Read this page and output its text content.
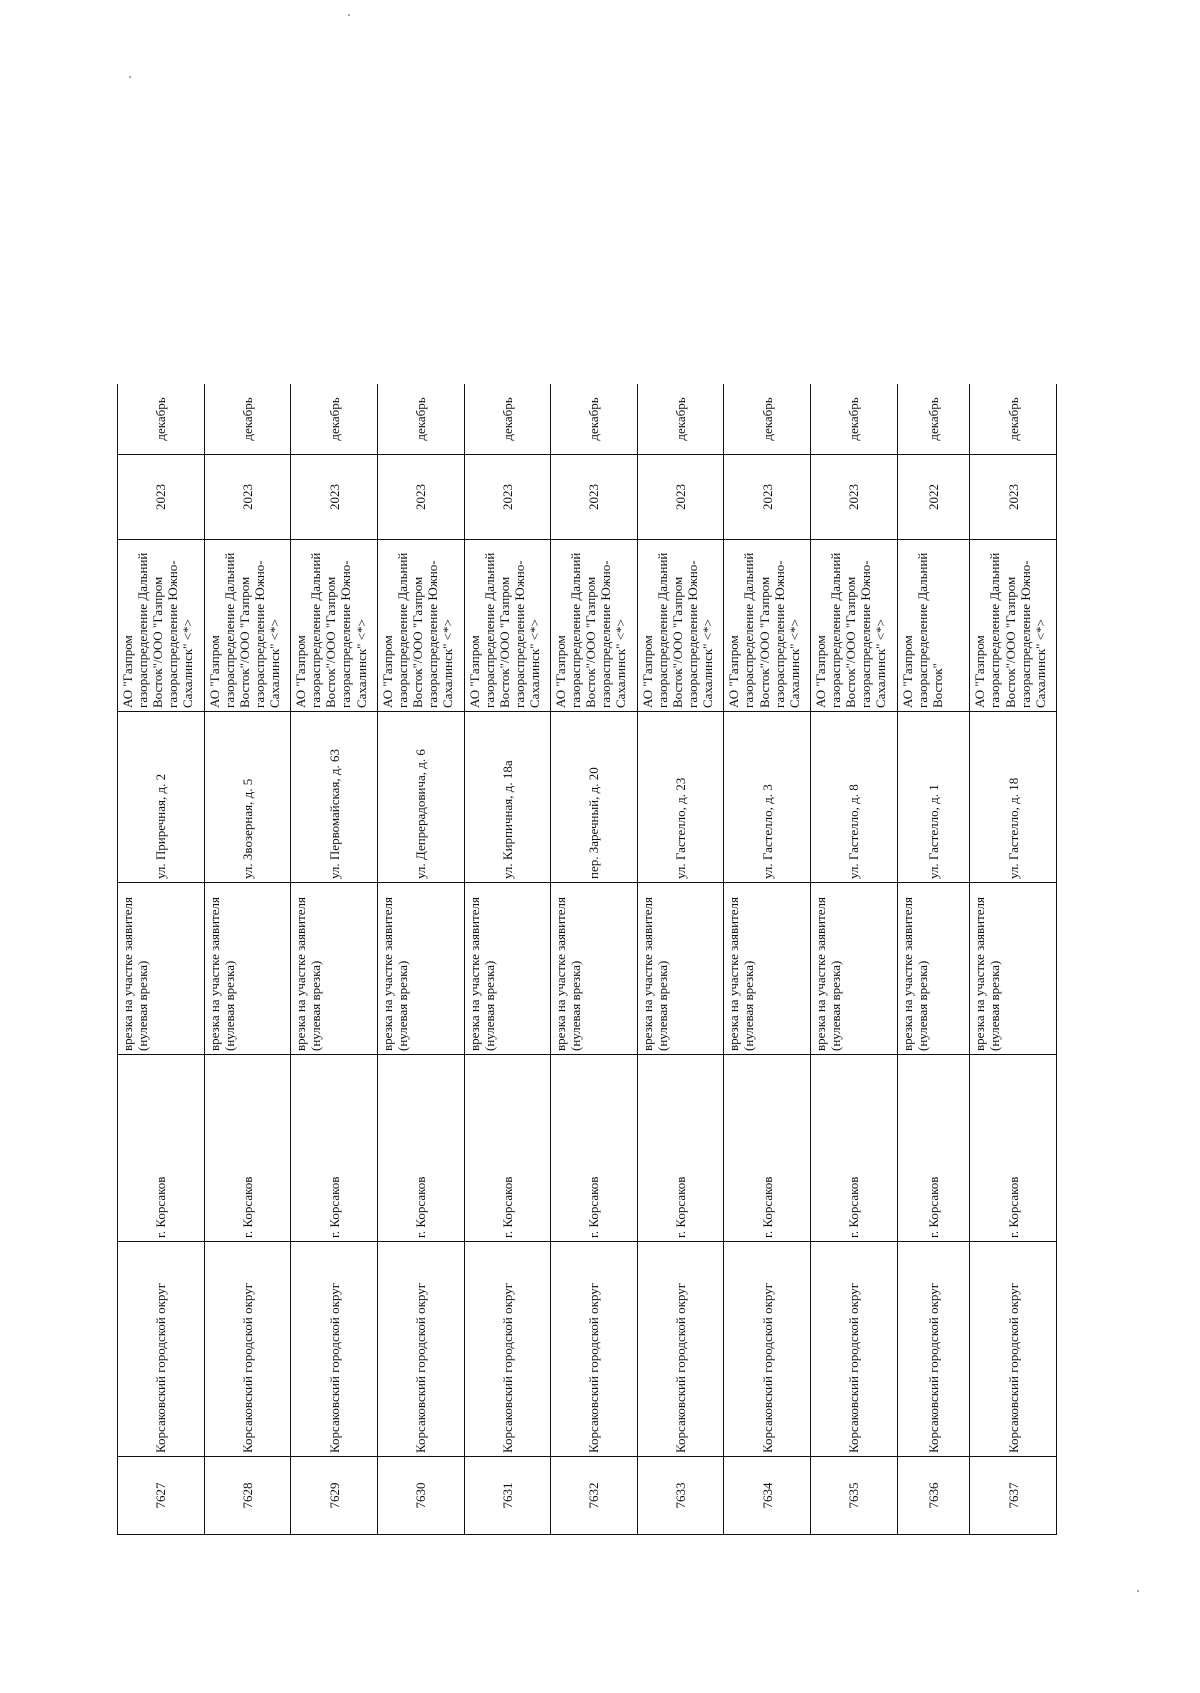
7627	Корсаковский городской округ	г. Корсаков	врезка на участке заявителя (нулевая врезка)	ул. Приречная, д. 2	АО "Газпром газораспределение Дальний Восток"/ООО "Газпром газораспределение Южно-Сахалинск" <*>	2023	декабрь
7628	Корсаковский городской округ	г. Корсаков	врезка на участке заявителя (нулевая врезка)	ул. Звозерная, д. 5	АО "Газпром газораспределение Дальний Восток"/ООО "Газпром газораспределение Южно-Сахалинск" <*>	2023	декабрь
7629	Корсаковский городской округ	г. Корсаков	врезка на участке заявителя (нулевая врезка)	ул. Первомайская, д. 63	АО "Газпром газораспределение Дальний Восток"/ООО "Газпром газораспределение Южно-Сахалинск" <*>	2023	декабрь
7630	Корсаковский городской округ	г. Корсаков	врезка на участке заявителя (нулевая врезка)	ул. Депрерадовича, д. 6	АО "Газпром газораспределение Дальний Восток"/ООО "Газпром газораспределение Южно-Сахалинск" <*>	2023	декабрь
7631	Корсаковский городской округ	г. Корсаков	врезка на участке заявителя (нулевая врезка)	ул. Кирпичная, д. 18а	АО "Газпром газораспределение Дальний Восток"/ООО "Газпром газораспределение Южно-Сахалинск" <*>	2023	декабрь
7632	Корсаковский городской округ	г. Корсаков	врезка на участке заявителя (нулевая врезка)	пер. Заречный, д. 20	АО "Газпром газораспределение Дальний Восток"/ООО "Газпром газораспределение Южно-Сахалинск" <*>	2023	декабрь
7633	Корсаковский городской округ	г. Корсаков	врезка на участке заявителя (нулевая врезка)	ул. Гастелло, д. 23	АО "Газпром газораспределение Дальний Восток"/ООО "Газпром газораспределение Южно-Сахалинск" <*>	2023	декабрь
7634	Корсаковский городской округ	г. Корсаков	врезка на участке заявителя (нулевая врезка)	ул. Гастелло, д. 3	АО "Газпром газораспределение Дальний Восток"/ООО "Газпром газораспределение Южно-Сахалинск" <*>	2023	декабрь
7635	Корсаковский городской округ	г. Корсаков	врезка на участке заявителя (нулевая врезка)	ул. Гастелло, д. 8	АО "Газпром газораспределение Дальний Восток"/ООО "Газпром газораспределение Южно-Сахалинск" <*>	2023	декабрь
7636	Корсаковский городской округ	г. Корсаков	врезка на участке заявителя (нулевая врезка)	ул. Гастелло, д. 1	АО "Газпром газораспределение Дальний Восток"	2022	декабрь
7637	Корсаковский городской округ	г. Корсаков	врезка на участке заявителя (нулевая врезка)	ул. Гастелло, д. 18	АО "Газпром газораспределение Дальний Восток"/ООО "Газпром газораспределение Южно-Сахалинск" <*>	2023	декабрь
